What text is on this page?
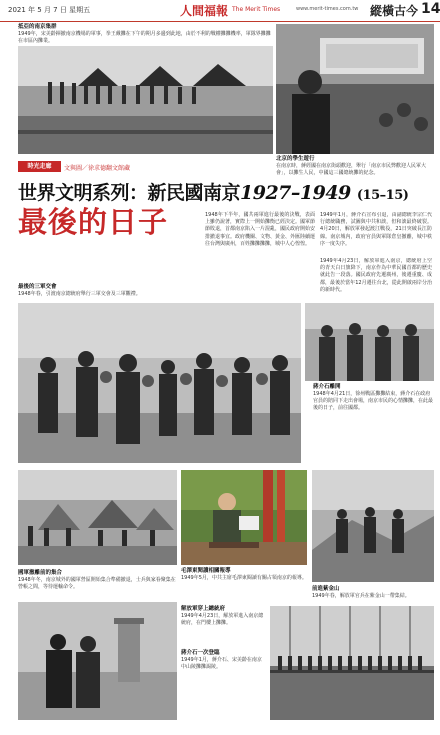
2021 年 5 月 7 日 星期五	人間福報 The Merit Times	www.merit-times.com.tw 縱橫古今 14
抵亞的南京集群
1949年，宋美齡揮撤南京機場的軍事，拳王戴攤在下午的期月多邊到此地，由於不利的戰權攤攤機率，軍隊界攤攤在市區內攤業。
北京的學生遊行
在南京時，蔣經國在南京街頭歡迎，舉行「南京市民弊歡迎人民軍大會」，以攤生人民，中國這三國總統攤的紀念。
時光走廊	文與圖／徐求德翻文館藏
世界文明系列：新民國南京1927–1949 (15–15)
最後的日子	1948年下半年，國共兩軍進行最後的決戰，表面上雖仍說著，實際上一開始攤衡已經決定。國軍節節敗退，首都南京陷入一片混亂，國民政府開始安排撤退事宜。政府機關、文物、黃金、外匯陸續運往台灣與廣州，百姓攤攤攤攤，城中人心惶惶。
1949年1月，蔣介石宣布引退，由副總統李宗仁代行總統職務，試圖與中共和談，但和談最終破裂。4月20日，解放軍發起渡江戰役，21日突破長江防線。南京城內，政府官員與軍隊倉皇撤離，城中秩序一度失序。
1949年4月23日，解放軍進入南京，總統府上空的青天白日旗降下，南京作為中華民國首都的歷史就此告一段落。國民政府先遷廣州，後遷重慶、成都，最後於當年12月遷往台北，從此開啟兩岸分治的新時代。
最後的三軍交會
1948年春，引渡南京總統府舉行三軍交會及三軍觀禮。
蔣介石離開
1948年4月21日，徐州戰區攤攤結束，蔣介石在政府官員的陪同下走出會場，南京市民的心情攤攤，在此最後的日子，前往國都。
國軍撤離前的集合
1948年冬，南京城外的國軍營區開始集合準備撤退，士兵與家眷聚集在營帳之間，等待運輸命令。
毛澤東閱讀相關報導
1949年5月，中共主席毛澤東閱讀有關占領南京的報導。
前進紫金山
1949年春，解放軍官兵在紫金山一帶集結。
解放軍穿上總統府
1949年4月23日，解放軍進入南京總統府，在門樓上攤攤。
蔣介石一次登臨
1949年1月，蔣介石、宋美齡在南京中山陵攤攤謁陵。
